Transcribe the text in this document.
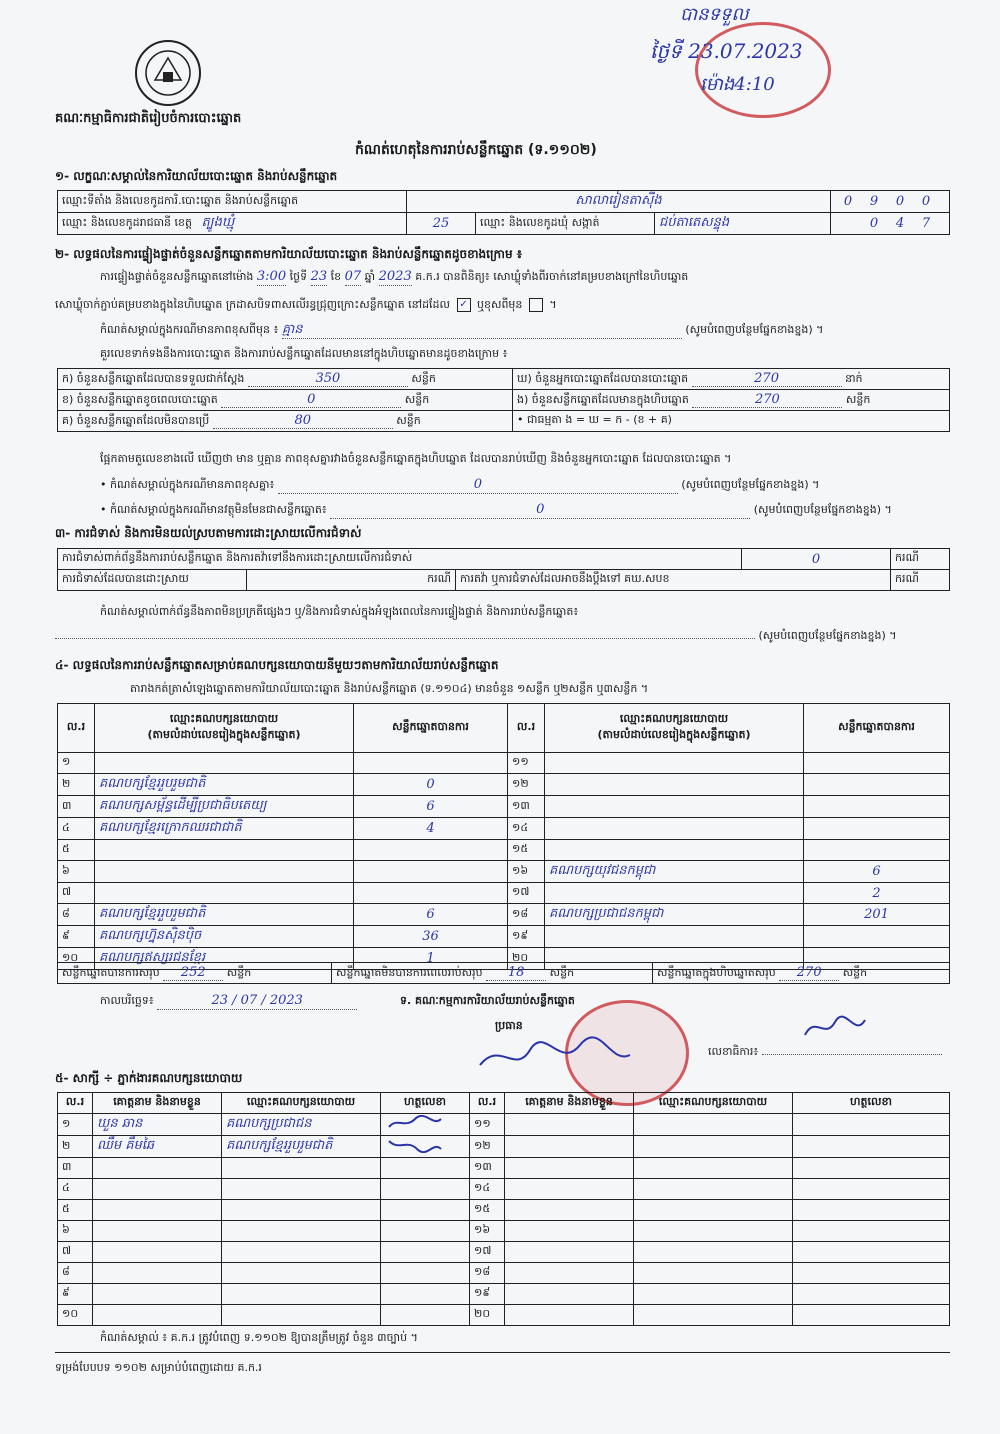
គណៈកម្មាធិការជាតិរៀបចំការបោះឆ្នោត
បានទទួល
ថ្ងៃទី 23.07.2023
ម៉ោង4:10
កំណត់ហេតុនៃការរាប់សន្លឹកឆ្នោត (ទ.១១០២)
១- លក្ខណៈសម្គាល់នៃការិយាល័យបោះឆ្នោត និងរាប់សន្លឹកឆ្នោត
ឈ្មោះទីតាំង និងលេខកូដការិ.បោះឆ្នោត និងរាប់សន្លឹកឆ្នោត	សាលារៀនតាស៊ីង			0 9 0 0
ឈ្មោះ និងលេខកូដរាជធានី ខេត្ត ត្បូងឃ្មុំ	25	ឈ្មោះ និងលេខកូដឃុំ សង្កាត់	ជប់តាតេសន្ទុង	0 4 7
២- លទ្ធផលនៃការផ្ទៀងផ្ទាត់ចំនួនសន្លឹកឆ្នោតតាមការិយាល័យបោះឆ្នោត និងរាប់សន្លឹកឆ្នោតដូចខាងក្រោម ៖
ការផ្ទៀងផ្ទាត់ចំនួនសន្លឹកឆ្នោតនៅម៉ោង 3:00 ថ្ងៃទី 23 ខែ 07 ឆ្នាំ 2023 គ.ក.រ បានពិនិត្យ៖ សោឃ្លុំទាំងពីរចាក់នៅគម្របខាងក្រៅនៃហិបឆ្នោត
សោឃ្លុំចាក់ភ្ជាប់គម្របខាងក្នុងនៃហិបឆ្នោត ក្រដាសបិទពាសលើរន្ធជ្រុញក្រោះសន្លឹកឆ្នោត នៅដដែល ✓ ឬខុសពីមុន  ។
កំណត់សម្គាល់ក្នុងករណីមានភាពខុសពីមុន ៖ គ្មាន	(សូមបំពេញបន្ថែមផ្នែកខាងខ្នង) ។
គួរលេខទាក់ទងនឹងការបោះឆ្នោត និងការរាប់សន្លឹកឆ្នោតដែលមាននៅក្នុងហិបឆ្នោតមានដូចខាងក្រោម ៖
ក) ចំនួនសន្លឹកឆ្នោតដែលបានទទួលជាក់ស្តែង 350 សន្លឹក	ឃ) ចំនួនអ្នកបោះឆ្នោតដែលបានបោះឆ្នោត 270 នាក់
ខ) ចំនួនសន្លឹកឆ្នោតខូចពេលបោះឆ្នោត 0 សន្លឹក	ង) ចំនួនសន្លឹកឆ្នោតដែលមានក្នុងហិបឆ្នោត 270 សន្លឹក
គ) ចំនួនសន្លឹកឆ្នោតដែលមិនបានប្រើ 80 សន្លឹក	• ជាធម្មតា ង = ឃ = ក - (ខ + គ)
ផ្អែកតាមតួលេខខាងលើ ឃើញថា មាន ឬគ្មាន ភាពខុសគ្នារវាងចំនួនសន្លឹកឆ្នោតក្នុងហិបឆ្នោត ដែលបានរាប់ឃើញ និងចំនួនអ្នកបោះឆ្នោត ដែលបានបោះឆ្នោត ។
• កំណត់សម្គាល់ក្នុងករណីមានភាពខុសគ្នា៖	0	(សូមបំពេញបន្ថែមផ្នែកខាងខ្នង) ។
• កំណត់សម្គាល់ក្នុងករណីមានវត្ថុមិនមែនជាសន្លឹកឆ្នោត៖	0	(សូមបំពេញបន្ថែមផ្នែកខាងខ្នង) ។
៣- ការជំទាស់ និងការមិនយល់ស្របតាមការដោះស្រាយលើការជំទាស់
ការជំទាស់ពាក់ព័ន្ធនឹងការរាប់សន្លឹកឆ្នោត និងការតវ៉ាទៅនឹងការដោះស្រាយលើការជំទាស់			0	ករណី
ការជំទាស់ដែលបានដោះស្រាយ	ករណី	ការតវ៉ា ឬការជំទាស់ដែលអាចនឹងប្តឹងទៅ គឃ.សបខ		ករណី
កំណត់សម្គាល់ពាក់ព័ន្ធនឹងភាពមិនប្រក្រតីផ្សេងៗ ឬ/និងការជំទាស់ក្នុងអំឡុងពេលនៃការផ្ទៀងផ្ទាត់ និងការរាប់សន្លឹកឆ្នោត៖
(សូមបំពេញបន្ថែមផ្នែកខាងខ្នង) ។
៤- លទ្ធផលនៃការរាប់សន្លឹកឆ្នោតសម្រាប់គណបក្សនយោបាយនីមួយៗតាមការិយាល័យរាប់សន្លឹកឆ្នោត
តារាងកត់ត្រាសំឡេងឆ្នោតតាមការិយាល័យបោះឆ្នោត និងរាប់សន្លឹកឆ្នោត (ទ.១១០៤) មានចំនួន ១សន្លឹក ឬ២សន្លឹក ឬ៣សន្លឹក ។
ល.រ	ឈ្មោះគណបក្សនយោបាយ
(តាមលំដាប់លេខរៀងក្នុងសន្លឹកឆ្នោត)	សន្លឹកឆ្នោតបានការ	ល.រ	ឈ្មោះគណបក្សនយោបាយ
(តាមលំដាប់លេខរៀងក្នុងសន្លឹកឆ្នោត)	សន្លឹកឆ្នោតបានការ
១			១១		
២	គណបក្សខ្មែររួបរួមជាតិ	0	១២		
៣	គណបក្សសម្ព័ន្ធដើម្បីប្រជាធិបតេយ្យ	6	១៣		
៤	គណបក្សខ្មែរក្រោកឈរជាជាតិ	4	១៤		
៥			១៥		
៦			១៦	គណបក្សយុវជនកម្ពុជា	6
៧			១៧		2
៨	គណបក្សខ្មែររួបរួមជាតិ	6	១៨	គណបក្សប្រជាជនកម្ពុជា	201
៩	គណបក្សហ្វ៊ុនស៊ិនប៉ិច	36	១៩		
១០	គណបក្សឥស្សរជនខ្មែរ	1	២០		
សន្លឹកឆ្នោតបានការសរុប 252 សន្លឹក	សន្លឹកឆ្នោតមិនបានការពេលរាប់សរុប 18 សន្លឹក	សន្លឹកឆ្នោតក្នុងហិបឆ្នោតសរុប 270 សន្លឹក
កាលបរិច្ឆេទ៖	23 / 07 / 2023	ទ. គណៈកម្មការការិយាល័យរាប់សន្លឹកឆ្នោត
ប្រធាន
លេខាធិការ៖
៥- សាក្សី ÷ ភ្នាក់ងារគណបក្សនយោបាយ
ល.រ	គោត្តនាម និងនាមខ្លួន	ឈ្មោះគណបក្សនយោបាយ	ហត្ថលេខា	ល.រ	គោត្តនាម និងនាមខ្លួន	ឈ្មោះគណបក្សនយោបាយ	ហត្ថលេខា
១	ឃួន ឆាន	គណបក្សប្រជាជន		១១			
២	ឈឹម គឹមឆៃ	គណបក្សខ្មែររួបរួមជាតិ		១២			
៣				១៣			
៤				១៤			
៥				១៥			
៦				១៦			
៧				១៧			
៨				១៨			
៩				១៩			
១០				២០			
កំណត់សម្គាល់ ៖ គ.ក.រ ត្រូវបំពេញ ទ.១១០២ ឱ្យបានត្រឹមត្រូវ ចំនួន ៣ច្បាប់ ។
ទម្រង់បែបបទ ១១០២ សម្រាប់បំពេញដោយ គ.ក.រ
